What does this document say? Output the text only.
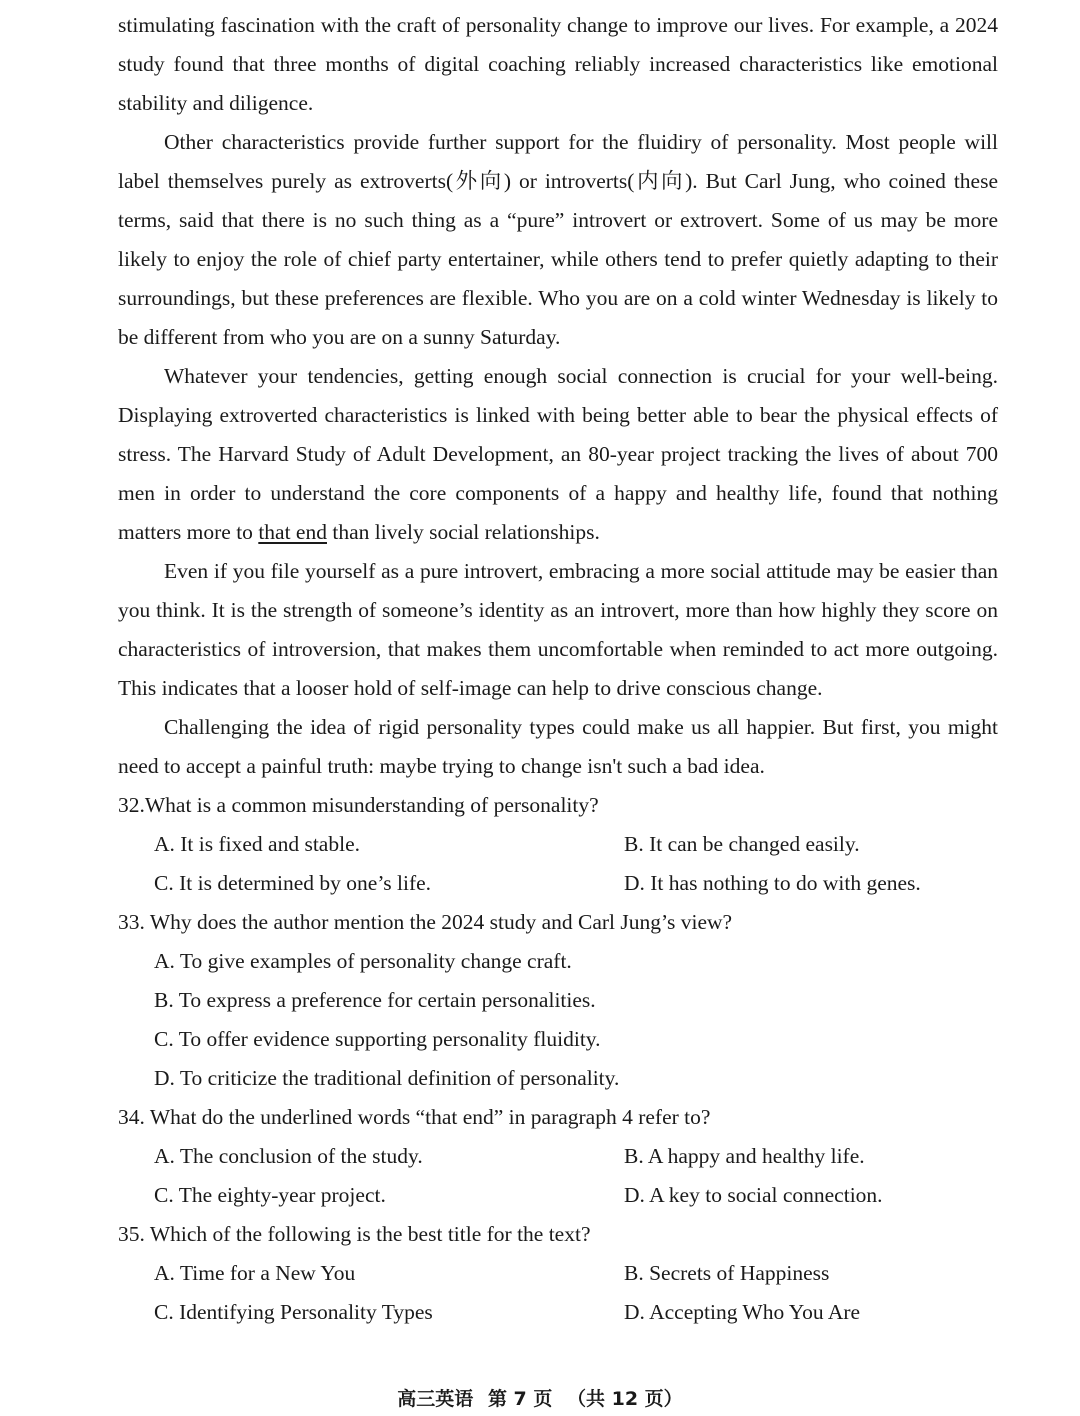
stimulating fascination with the craft of personality change to improve our lives. For example, a 2024 study found that three months of digital coaching reliably increased characteristics like emotional stability and diligence.

Other characteristics provide further support for the fluidiry of personality. Most people will label themselves purely as extroverts(外向) or introverts(内向). But Carl Jung, who coined these terms, said that there is no such thing as a “pure” introvert or extrovert. Some of us may be more likely to enjoy the role of chief party entertainer, while others tend to prefer quietly adapting to their surroundings, but these preferences are flexible. Who you are on a cold winter Wednesday is likely to be different from who you are on a sunny Saturday.

Whatever your tendencies, getting enough social connection is crucial for your well-being. Displaying extroverted characteristics is linked with being better able to bear the physical effects of stress. The Harvard Study of Adult Development, an 80-year project tracking the lives of about 700 men in order to understand the core components of a happy and healthy life, found that nothing matters more to that end than lively social relationships.

Even if you file yourself as a pure introvert, embracing a more social attitude may be easier than you think. It is the strength of someone’s identity as an introvert, more than how highly they score on characteristics of introversion, that makes them uncomfortable when reminded to act more outgoing. This indicates that a looser hold of self-image can help to drive conscious change.

Challenging the idea of rigid personality types could make us all happier. But first, you might need to accept a painful truth: maybe trying to change isn't such a bad idea.

32.What is a common misunderstanding of personality?

A. It is fixed and stable.	B. It can be changed easily.
C. It is determined by one’s life.	D. It has nothing to do with genes.

33. Why does the author mention the 2024 study and Carl Jung’s view?

A. To give examples of personality change craft.
B. To express a preference for certain personalities.
C. To offer evidence supporting personality fluidity.
D. To criticize the traditional definition of personality.

34. What do the underlined words “that end” in paragraph 4 refer to?

A. The conclusion of the study.	B. A happy and healthy life.
C. The eighty-year project.	D. A key to social connection.

35. Which of the following is the best title for the text?

A. Time for a New You	B. Secrets of Happiness
C. Identifying Personality Types	D. Accepting Who You Are
高三英语 第 7 页 （共 12 页）
